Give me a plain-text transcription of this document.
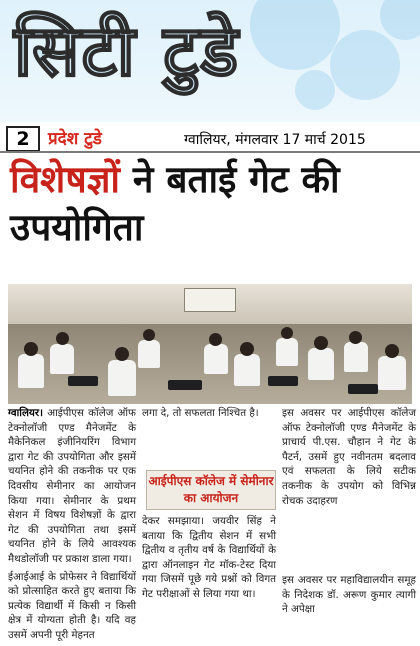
सिटी टुडे
2	प्रदेश टुडे	ग्वालियर, मंगलवार 17 मार्च 2015
विशेषज्ञों ने बताई गेट की उपयोगिता

ग्वालियर। आईपीएस कॉलेज ऑफ टेक्नोलॉजी एण्ड मैनेजमेंट के मैकेनिकल इंजीनियरिंग विभाग द्वारा गेट की उपयोगिता और इसमें चयनित होने की तकनीक पर एक दिवसीय सेमीनार का आयोजन किया गया। सेमीनार के प्रथम सेशन में विषय विशेषज्ञों के द्वारा गेट की उपयोगिता तथा इसमें चयनित होने के लिये आवश्यक मैथडोलॉजी पर प्रकाश डाला गया।

ईआईआई के प्रोफेसर ने विद्यार्थियों को प्रोत्साहित करते हुए बताया कि प्रत्येक विद्यार्थी में किसी न किसी क्षेत्र में योग्यता होती है। यदि वह उसमें अपनी पूरी मेहनत

लगा दे, तो सफलता निश्चित है।

आईपीएस कॉलेज में सेमीनार का आयोजन

देकर समझाया। जयवीर सिंह ने बताया कि द्वितीय सेशन में सभी द्वितीय व तृतीय वर्ष के विद्यार्थियों के द्वारा ऑनलाइन गेट मॉक-टेस्ट दिया गया जिसमें पूछे गये प्रश्नों को विगत गेट परीक्षाओं से लिया गया था।

इस अवसर पर आईपीएस कॉलेज ऑफ टेक्नोलॉजी एण्ड मैनेजमेंट के प्राचार्य पी.एस. चौहान ने गेट के पैटर्न, उसमें हुए नवीनतम बदलाव एवं सफलता के लिये सटीक तकनीक के उपयोग को विभिन्न रोचक उदाहरण

इस अवसर पर महाविद्यालयीन समूह के निदेशक डॉ. अरूण कुमार त्यागी ने अपेक्षा
